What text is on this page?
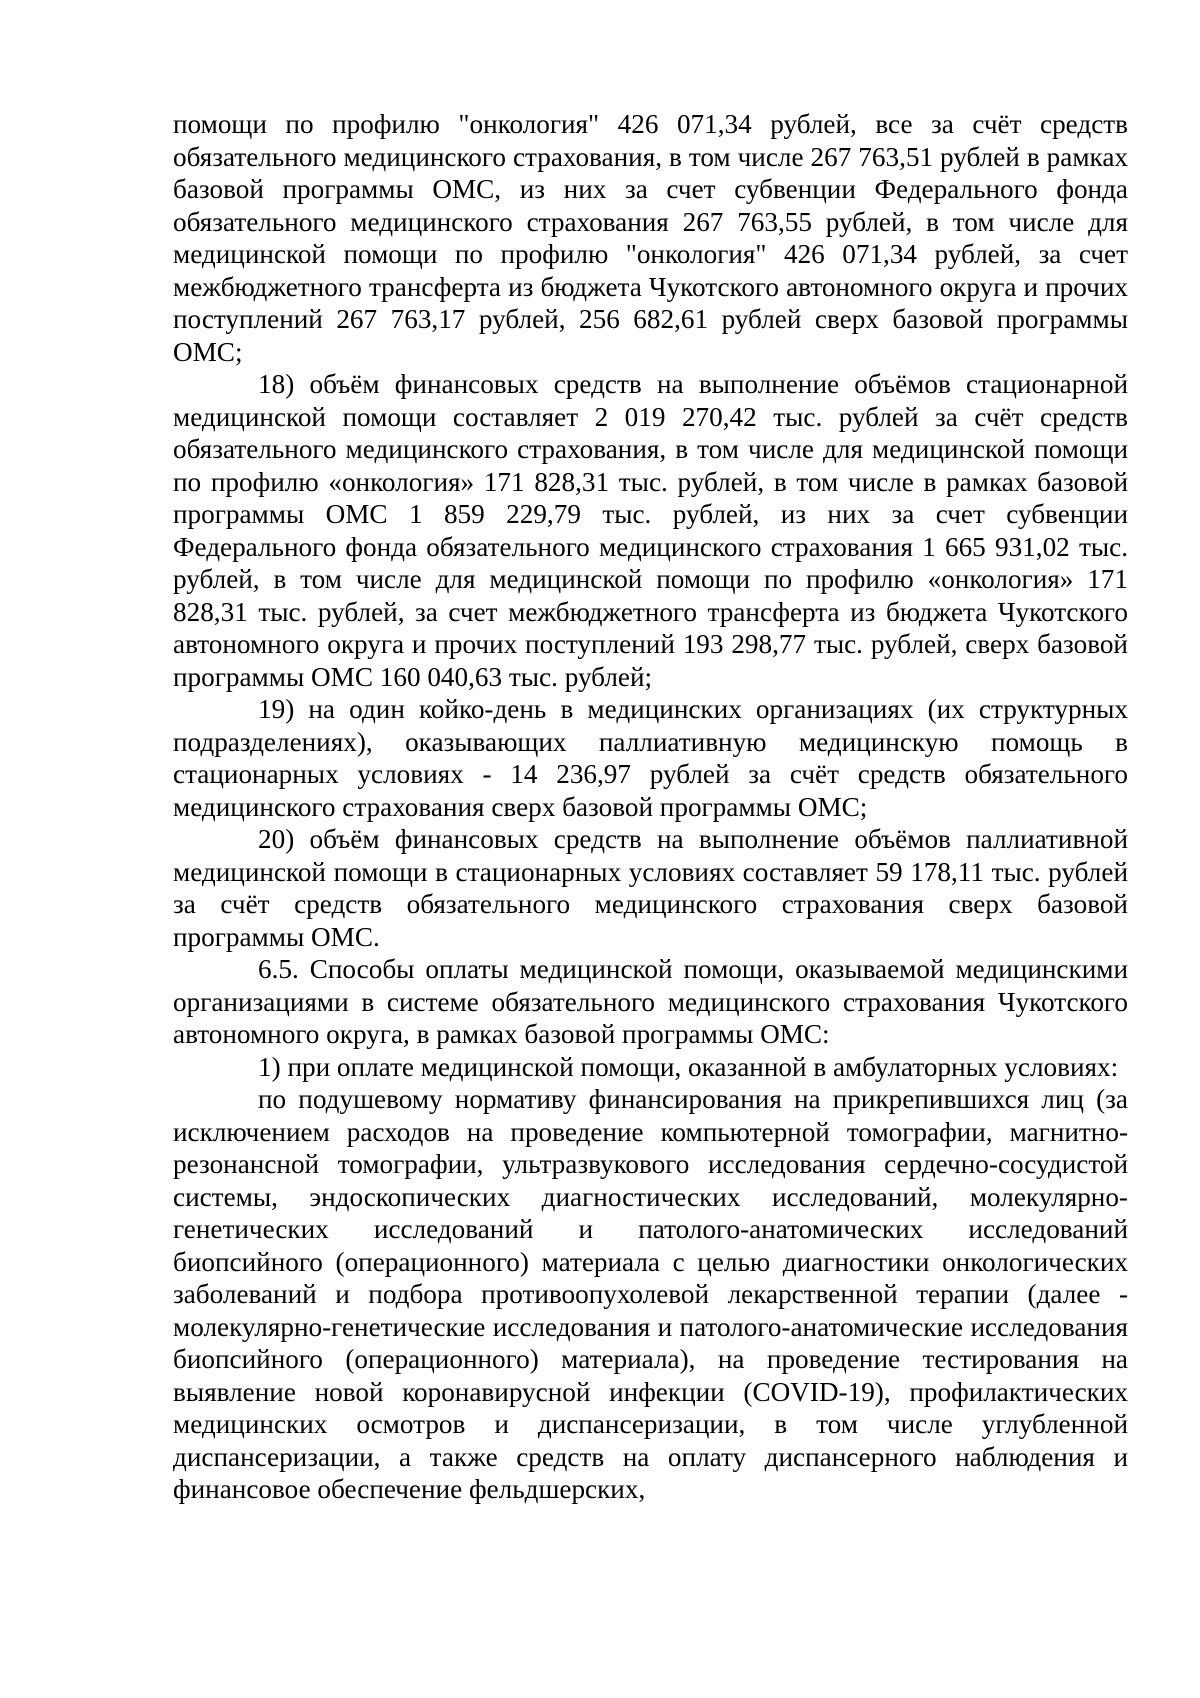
помощи по профилю "онкология" 426 071,34 рублей, все за счёт средств обязательного медицинского страхования, в том числе 267 763,51 рублей в рамках базовой программы ОМС, из них за счет субвенции Федерального фонда обязательного медицинского страхования 267 763,55 рублей, в том числе для медицинской помощи по профилю "онкология" 426 071,34 рублей, за счет межбюджетного трансферта из бюджета Чукотского автономного округа и прочих поступлений 267 763,17 рублей, 256 682,61 рублей сверх базовой программы ОМС;

18) объём финансовых средств на выполнение объёмов стационарной медицинской помощи составляет 2 019 270,42 тыс. рублей за счёт средств обязательного медицинского страхования, в том числе для медицинской помощи по профилю «онкология» 171 828,31 тыс. рублей, в том числе в рамках базовой программы ОМС 1 859 229,79 тыс. рублей, из них за счет субвенции Федерального фонда обязательного медицинского страхования 1 665 931,02 тыс. рублей, в том числе для медицинской помощи по профилю «онкология» 171 828,31 тыс. рублей, за счет межбюджетного трансферта из бюджета Чукотского автономного округа и прочих поступлений 193 298,77 тыс. рублей, сверх базовой программы ОМС 160 040,63 тыс. рублей;

19) на один койко-день в медицинских организациях (их структурных подразделениях), оказывающих паллиативную медицинскую помощь в стационарных условиях - 14 236,97 рублей за счёт средств обязательного медицинского страхования сверх базовой программы ОМС;

20) объём финансовых средств на выполнение объёмов паллиативной медицинской помощи в стационарных условиях составляет 59 178,11 тыс. рублей за счёт средств обязательного медицинского страхования сверх базовой программы ОМС.

6.5. Способы оплаты медицинской помощи, оказываемой медицинскими организациями в системе обязательного медицинского страхования Чукотского автономного округа, в рамках базовой программы ОМС:

1) при оплате медицинской помощи, оказанной в амбулаторных условиях:

по подушевому нормативу финансирования на прикрепившихся лиц (за исключением расходов на проведение компьютерной томографии, магнитно-резонансной томографии, ультразвукового исследования сердечно-сосудистой системы, эндоскопических диагностических исследований, молекулярно-генетических исследований и патолого-анатомических исследований биопсийного (операционного) материала с целью диагностики онкологических заболеваний и подбора противоопухолевой лекарственной терапии (далее - молекулярно-генетические исследования и патолого-анатомические исследования биопсийного (операционного) материала), на проведение тестирования на выявление новой коронавирусной инфекции (COVID-19), профилактических медицинских осмотров и диспансеризации, в том числе углубленной диспансеризации, а также средств на оплату диспансерного наблюдения и финансовое обеспечение фельдшерских,
